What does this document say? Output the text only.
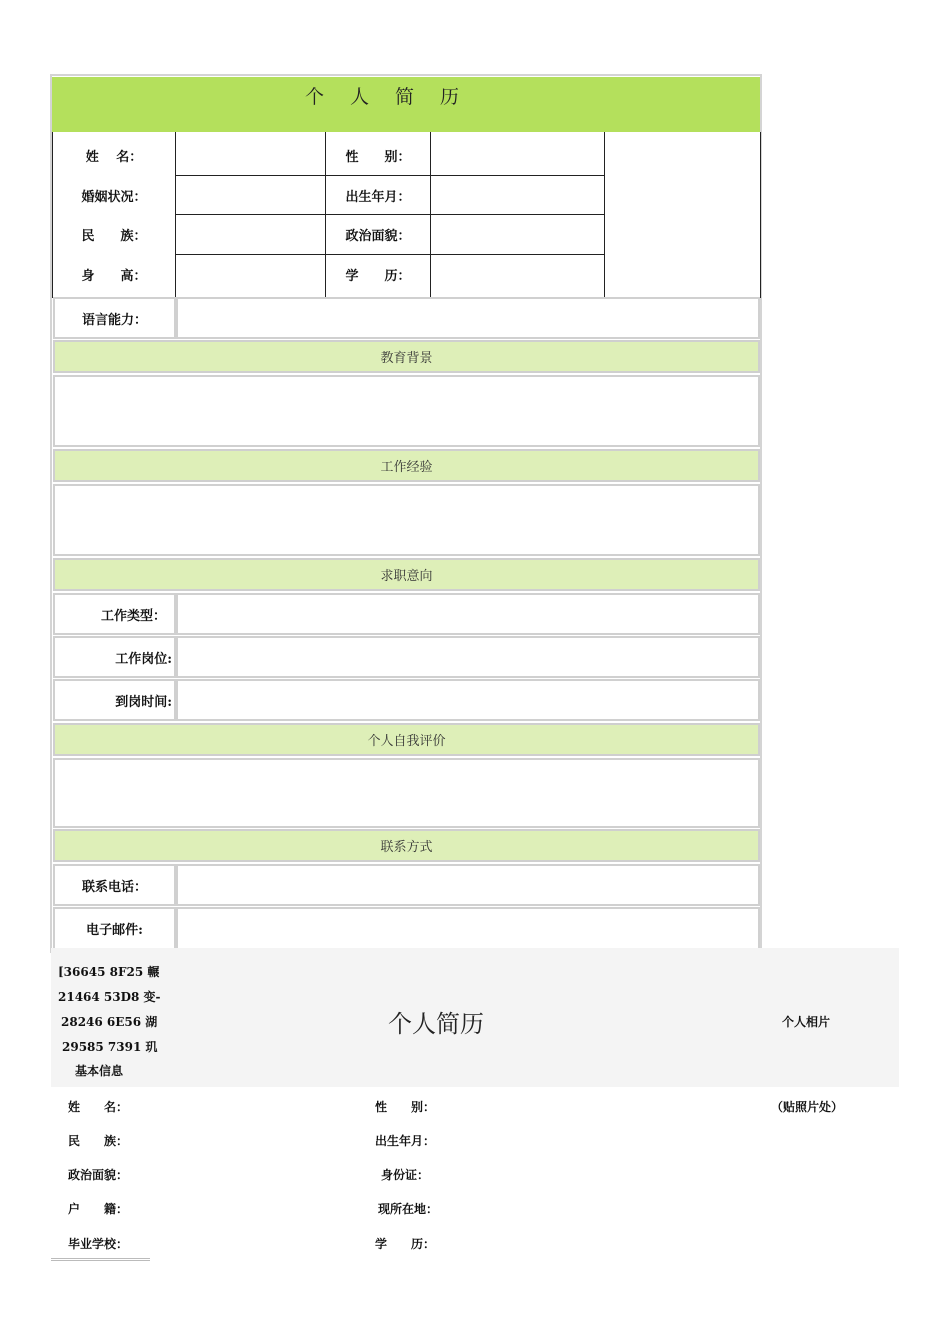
个 人 简 历
姓　 名：
婚姻状况：
民　　族：
身　　高：
性　　别：
出生年月：
政治面貌：
学　　历：
语言能力：
教育背景
工作经验
求职意向
工作类型：
工作岗位:
到岗时间:
个人自我评价
联系方式
联系电话：
电子邮件:
[36645 8F25 輾
21464 53D8 变-
28246 6E56 湖
29585 7391 玑
基本信息
个人简历	个人相片
姓　　名：
民　　族：
政治面貌：
户　　籍：
毕业学校：
性　　别：
出生年月：
身份证：
现所在地：
学　　历：
（贴照片处）
